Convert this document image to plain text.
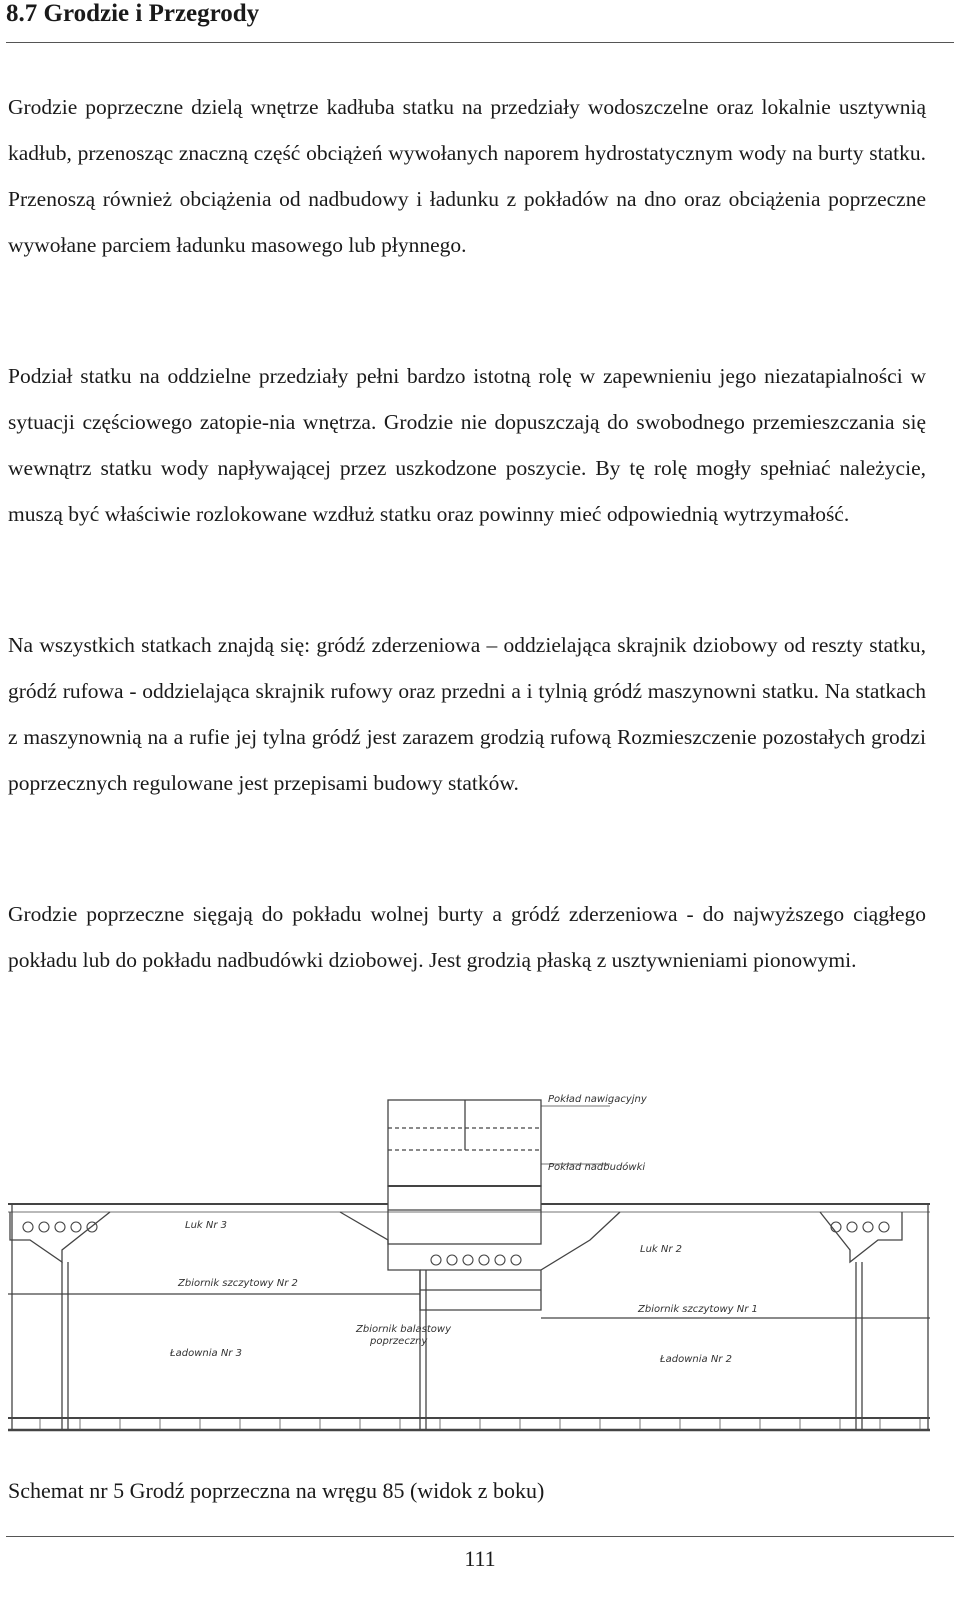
8.7 Grodzie i Przegrody

Grodzie poprzeczne dzielą wnętrze kadłuba statku na przedziały wodoszczelne oraz lokalnie usztywnią kadłub, przenosząc znaczną część obciążeń wywołanych naporem hydrostatycznym wody na burty statku. Przenoszą również obciążenia od nadbudowy i ładunku z pokładów na dno oraz obciążenia poprzeczne wywołane parciem ładunku masowego lub płynnego.

Podział statku na oddzielne przedziały pełni bardzo istotną rolę w zapewnieniu jego niezatapialności w sytuacji częściowego zatopie-nia wnętrza. Grodzie nie dopuszczają do swobodnego przemieszczania się wewnątrz statku wody napływającej przez uszkodzone poszycie. By tę rolę mogły spełniać należycie, muszą być właściwie rozlokowane wzdłuż statku oraz powinny mieć odpowiednią wytrzymałość.

Na wszystkich statkach znajdą się: gródź zderzeniowa – oddzielająca skrajnik dziobowy od reszty statku, gródź rufowa - oddzielająca skrajnik rufowy oraz przedni a i tylnią gródź maszynowni statku. Na statkach z maszynownią na a rufie jej tylna gródź jest zarazem grodzią rufową Rozmieszczenie pozostałych grodzi poprzecznych regulowane jest przepisami budowy statków.

Grodzie poprzeczne sięgają do pokładu wolnej burty a gródź zderzeniowa - do najwyższego ciągłego pokładu lub do pokładu nadbudówki dziobowej. Jest grodzią płaską z usztywnieniami pionowymi.

Pokład nawigacyjny
Pokład nadbudówki
Luk Nr 3
Luk Nr 2
Zbiornik szczytowy Nr 2
Zbiornik szczytowy Nr 1
Zbiornik balastowy
poprzeczny
Ładownia Nr 3
Ładownia Nr 2
Schemat nr 5 Grodź poprzeczna na wręgu 85 (widok z boku)
111
